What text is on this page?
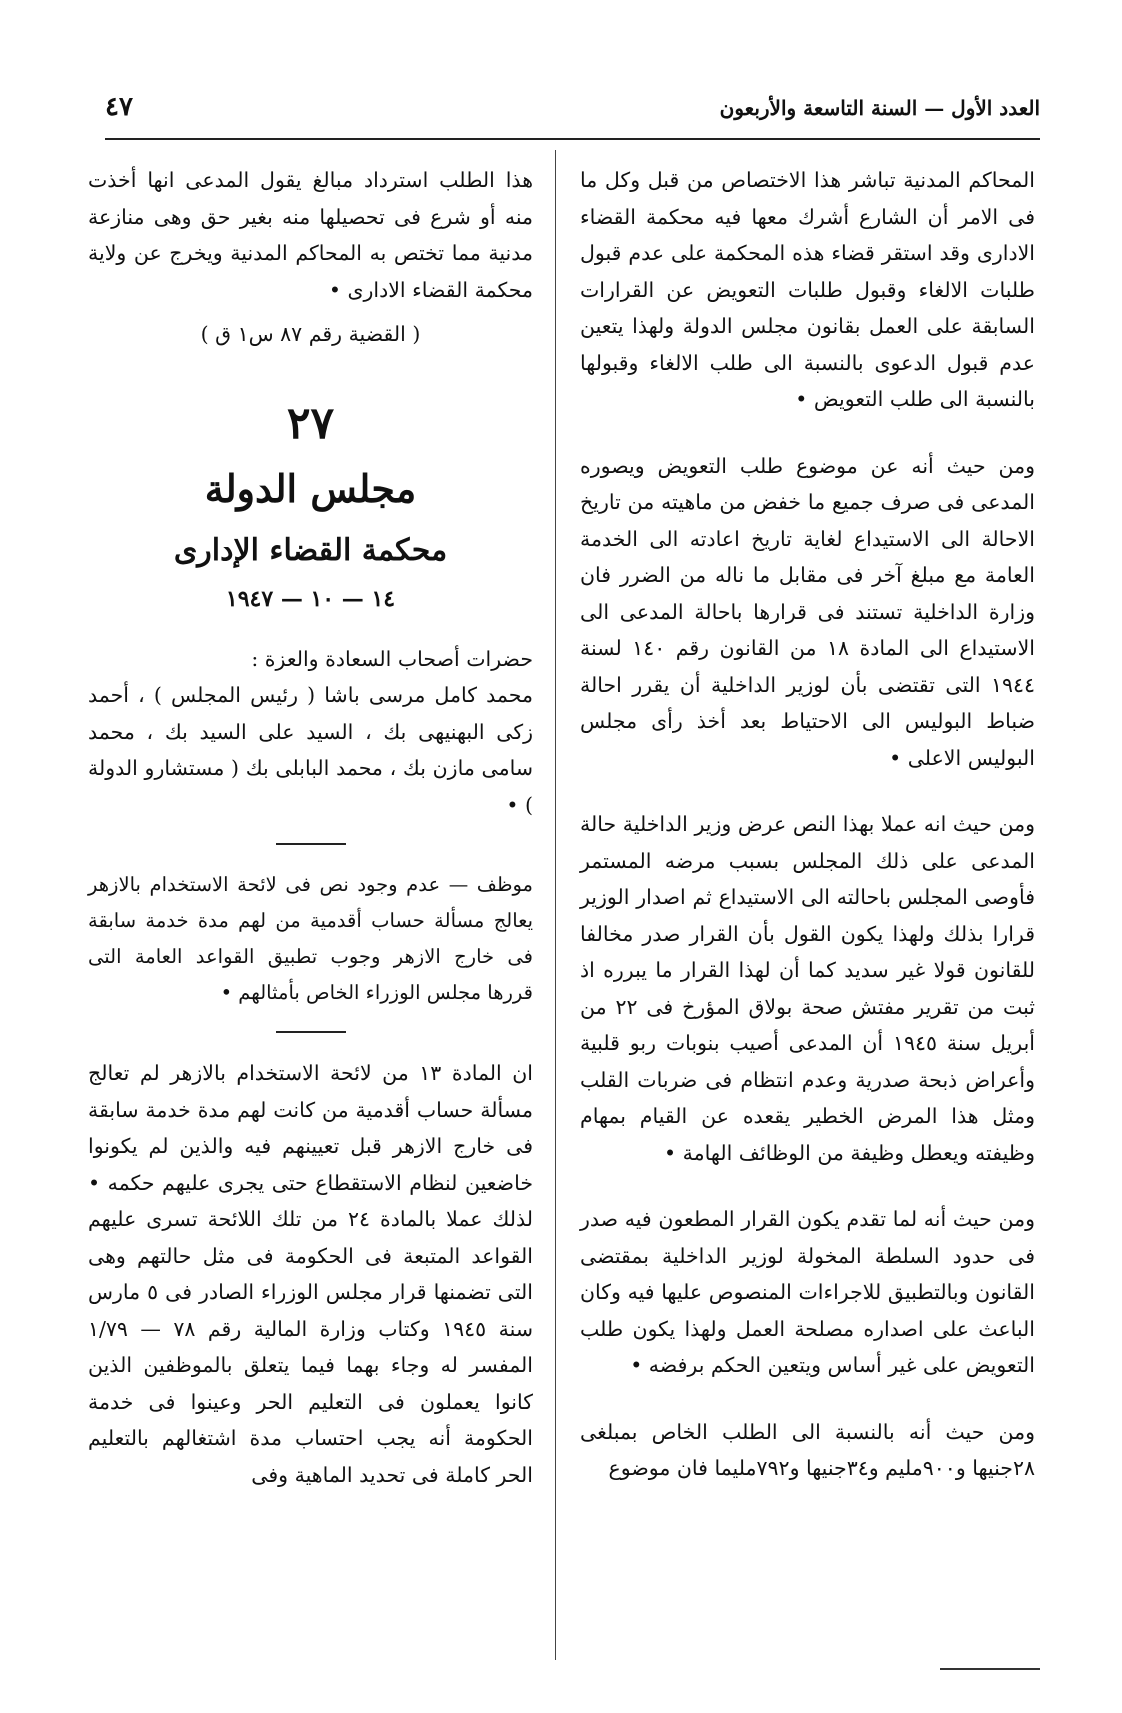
٤٧	العدد الأول — السنة التاسعة والأربعون

المحاكم المدنية تباشر هذا الاختصاص من قبل وكل ما فى الامر أن الشارع أشرك معها فيه محكمة القضاء الادارى وقد استقر قضاء هذه المحكمة على عدم قبول طلبات الالغاء وقبول طلبات التعويض عن القرارات السابقة على العمل بقانون مجلس الدولة ولهذا يتعين عدم قبول الدعوى بالنسبة الى طلب الالغاء وقبولها بالنسبة الى طلب التعويض •

ومن حيث أنه عن موضوع طلب التعويض ويصوره المدعى فى صرف جميع ما خفض من ماهيته من تاريخ الاحالة الى الاستيداع لغاية تاريخ اعادته الى الخدمة العامة مع مبلغ آخر فى مقابل ما ناله من الضرر فان وزارة الداخلية تستند فى قرارها باحالة المدعى الى الاستيداع الى المادة ١٨ من القانون رقم ١٤٠ لسنة ١٩٤٤ التى تقتضى بأن لوزير الداخلية أن يقرر احالة ضباط البوليس الى الاحتياط بعد أخذ رأى مجلس البوليس الاعلى •

ومن حيث انه عملا بهذا النص عرض وزير الداخلية حالة المدعى على ذلك المجلس بسبب مرضه المستمر فأوصى المجلس باحالته الى الاستيداع ثم اصدار الوزير قرارا بذلك ولهذا يكون القول بأن القرار صدر مخالفا للقانون قولا غير سديد كما أن لهذا القرار ما يبرره اذ ثبت من تقرير مفتش صحة بولاق المؤرخ فى ٢٢ من أبريل سنة ١٩٤٥ أن المدعى أصيب بنوبات ربو قلبية وأعراض ذبحة صدرية وعدم انتظام فى ضربات القلب ومثل هذا المرض الخطير يقعده عن القيام بمهام وظيفته ويعطل وظيفة من الوظائف الهامة •

ومن حيث أنه لما تقدم يكون القرار المطعون فيه صدر فى حدود السلطة المخولة لوزير الداخلية بمقتضى القانون وبالتطبيق للاجراءات المنصوص عليها فيه وكان الباعث على اصداره مصلحة العمل ولهذا يكون طلب التعويض على غير أساس ويتعين الحكم برفضه •

ومن حيث أنه بالنسبة الى الطلب الخاص بمبلغى ٢٨جنيها و٩٠٠مليم و٣٤جنيها و٧٩٢مليما فان موضوع

هذا الطلب استرداد مبالغ يقول المدعى انها أخذت منه أو شرع فى تحصيلها منه بغير حق وهى منازعة مدنية مما تختص به المحاكم المدنية ويخرج عن ولاية محكمة القضاء الادارى •

( القضية رقم ٨٧ س١ ق )

٢٧

مجلس الدولة

محكمة القضاء الإدارى

١٤ — ١٠ — ١٩٤٧

حضرات أصحاب السعادة والعزة :

محمد كامل مرسى باشا ( رئيس المجلس ) ، أحمد زكى البهنيهى بك ، السيد على السيد بك ، محمد سامى مازن بك ، محمد البابلى بك ( مستشارو الدولة ) •

موظف — عدم وجود نص فى لائحة الاستخدام بالازهر يعالج مسألة حساب أقدمية من لهم مدة خدمة سابقة فى خارج الازهر وجوب تطبيق القواعد العامة التى قررها مجلس الوزراء الخاص بأمثالهم •

ان المادة ١٣ من لائحة الاستخدام بالازهر لم تعالج مسألة حساب أقدمية من كانت لهم مدة خدمة سابقة فى خارج الازهر قبل تعيينهم فيه والذين لم يكونوا خاضعين لنظام الاستقطاع حتى يجرى عليهم حكمه • لذلك عملا بالمادة ٢٤ من تلك اللائحة تسرى عليهم القواعد المتبعة فى الحكومة فى مثل حالتهم وهى التى تضمنها قرار مجلس الوزراء الصادر فى ٥ مارس سنة ١٩٤٥ وكتاب وزارة المالية رقم ٧٨ — ١/٧٩ المفسر له وجاء بهما فيما يتعلق بالموظفين الذين كانوا يعملون فى التعليم الحر وعينوا فى خدمة الحكومة أنه يجب احتساب مدة اشتغالهم بالتعليم الحر كاملة فى تحديد الماهية وفى
